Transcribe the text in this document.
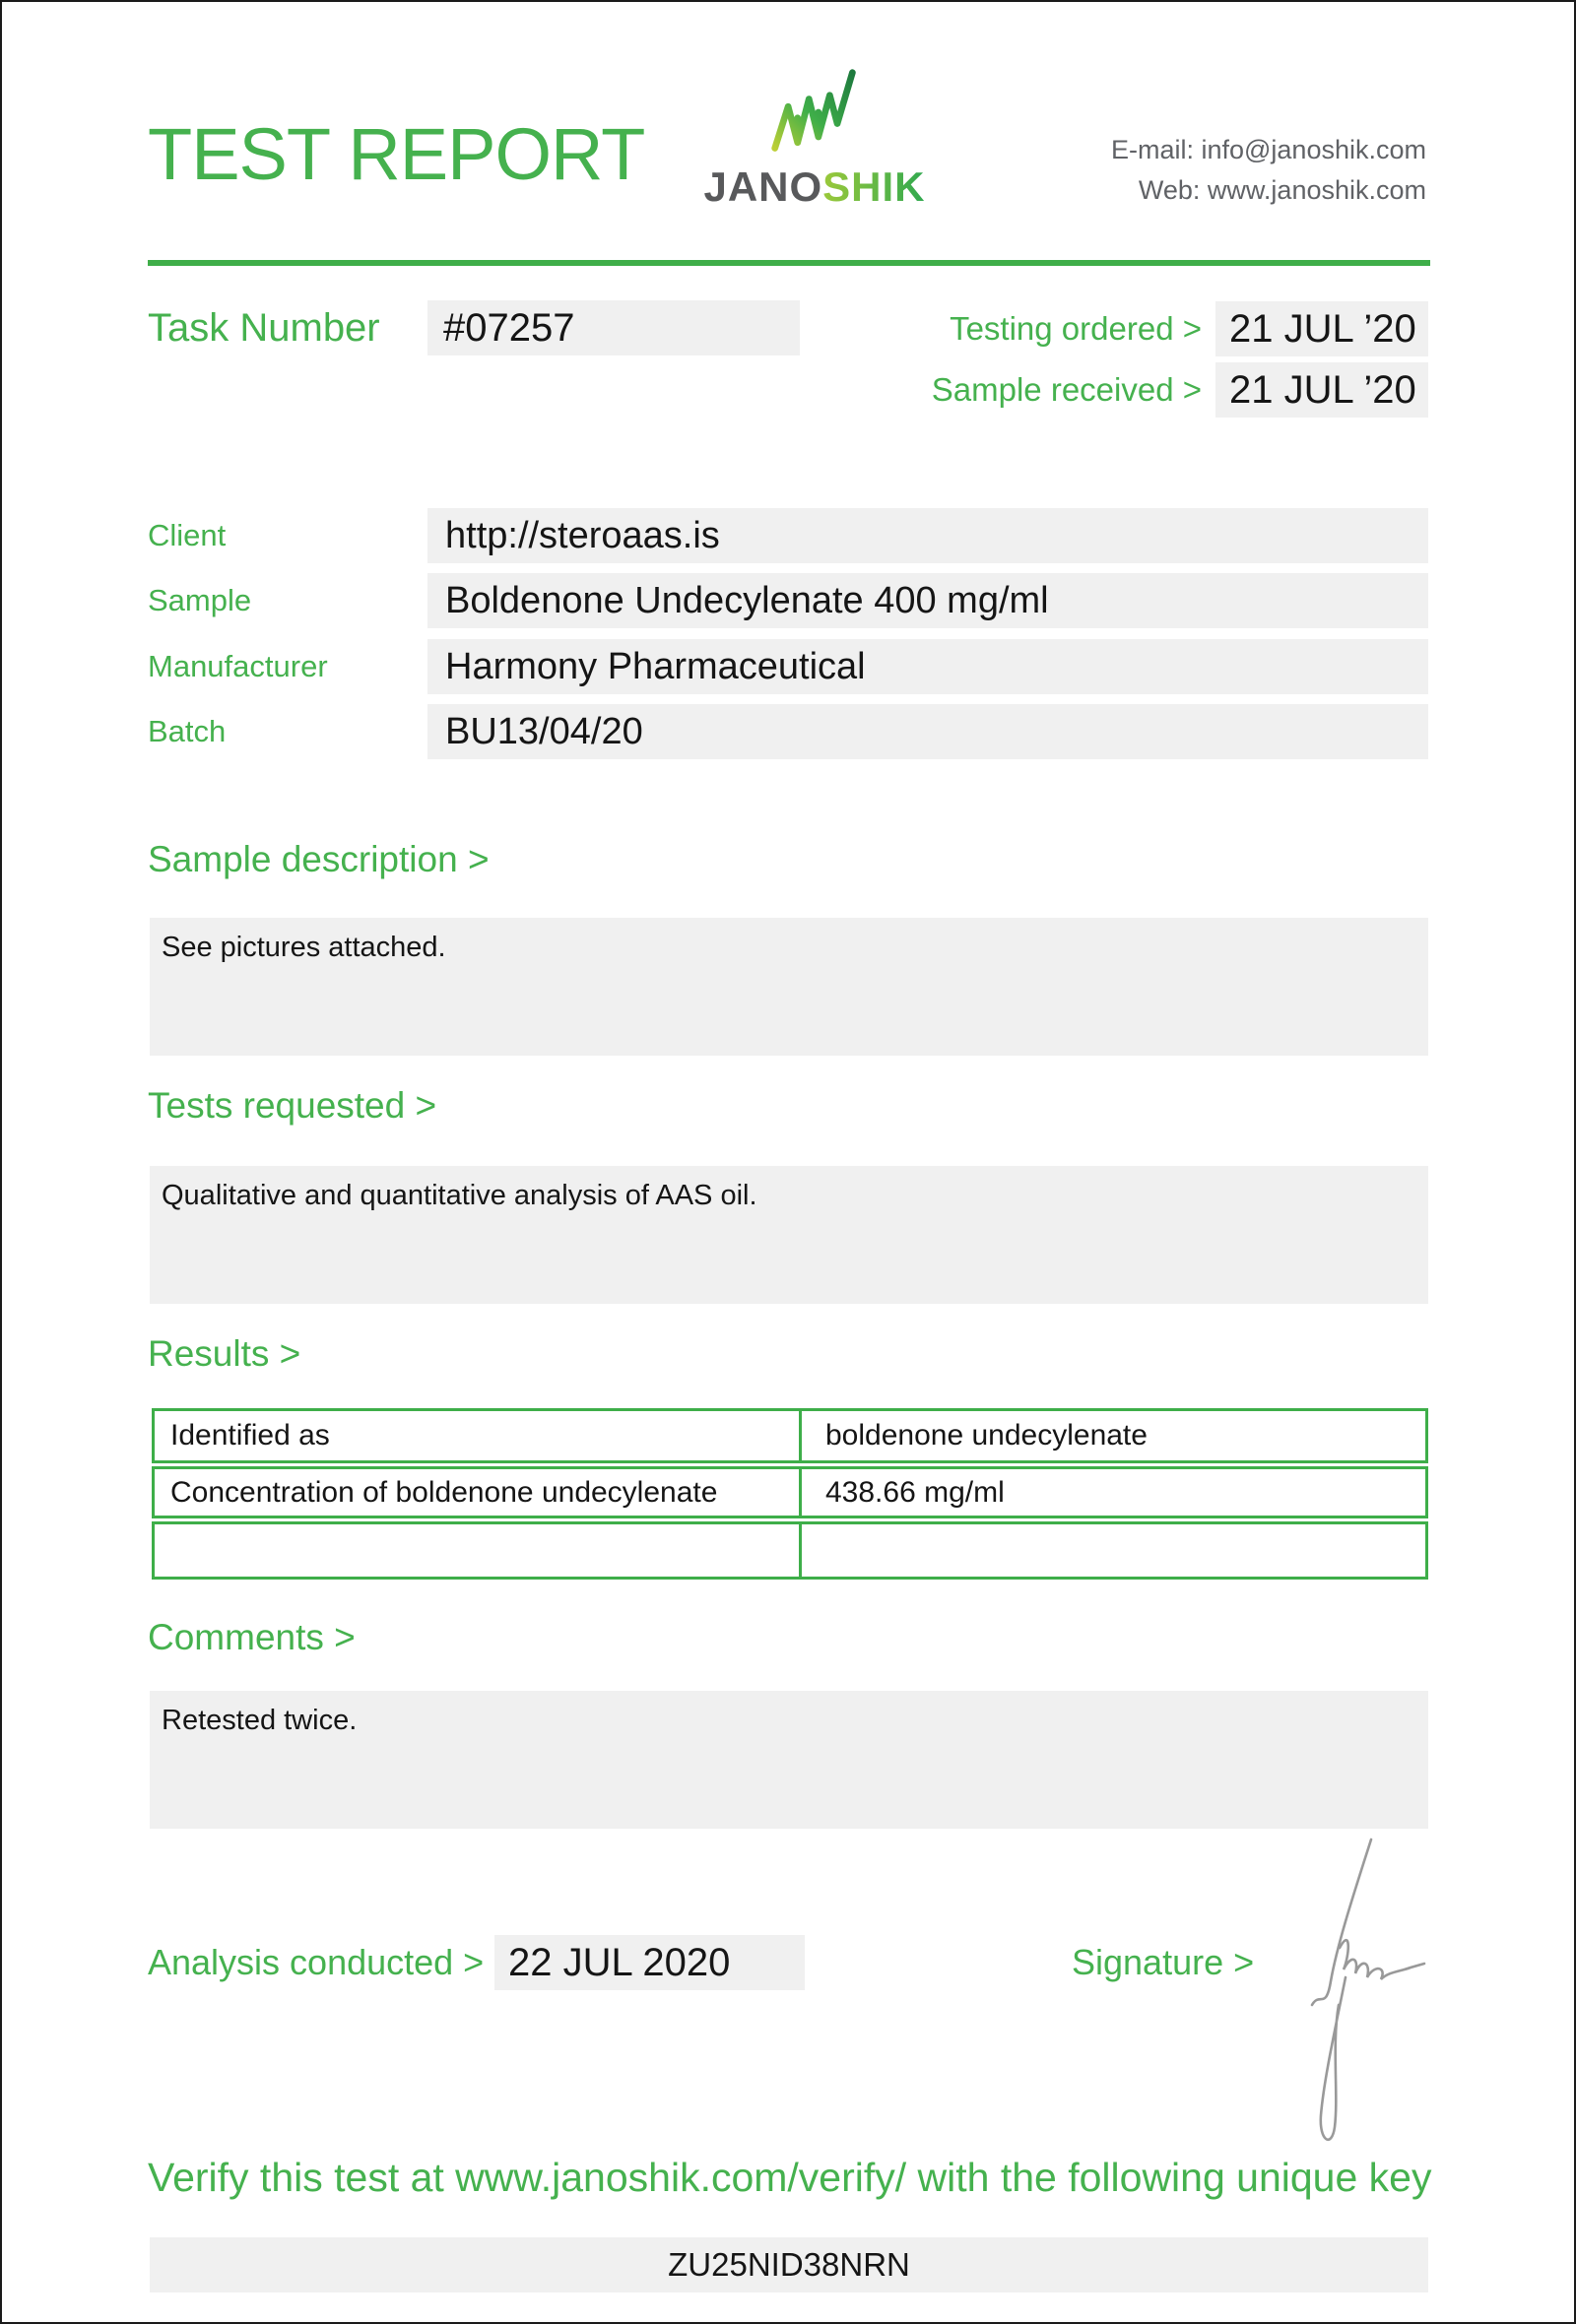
TEST REPORT	JANOSHIK
E-mail: info@janoshik.com
Web: www.janoshik.com
Task Number	#07257	Testing ordered > 21 JUL ’20
Sample received > 21 JUL ’20
Client	http://steroaas.is
Sample	Boldenone Undecylenate 400 mg/ml
Manufacturer	Harmony Pharmaceutical
Batch	BU13/04/20
Sample description >
See pictures attached.
Tests requested >
Qualitative and quantitative analysis of AAS oil.
Results >
Identified as	boldenone undecylenate
Concentration of boldenone undecylenate	438.66 mg/ml
Comments >
Retested twice.
Analysis conducted > 22 JUL 2020	Signature >
Verify this test at www.janoshik.com/verify/ with the following unique key
ZU25NID38NRN
